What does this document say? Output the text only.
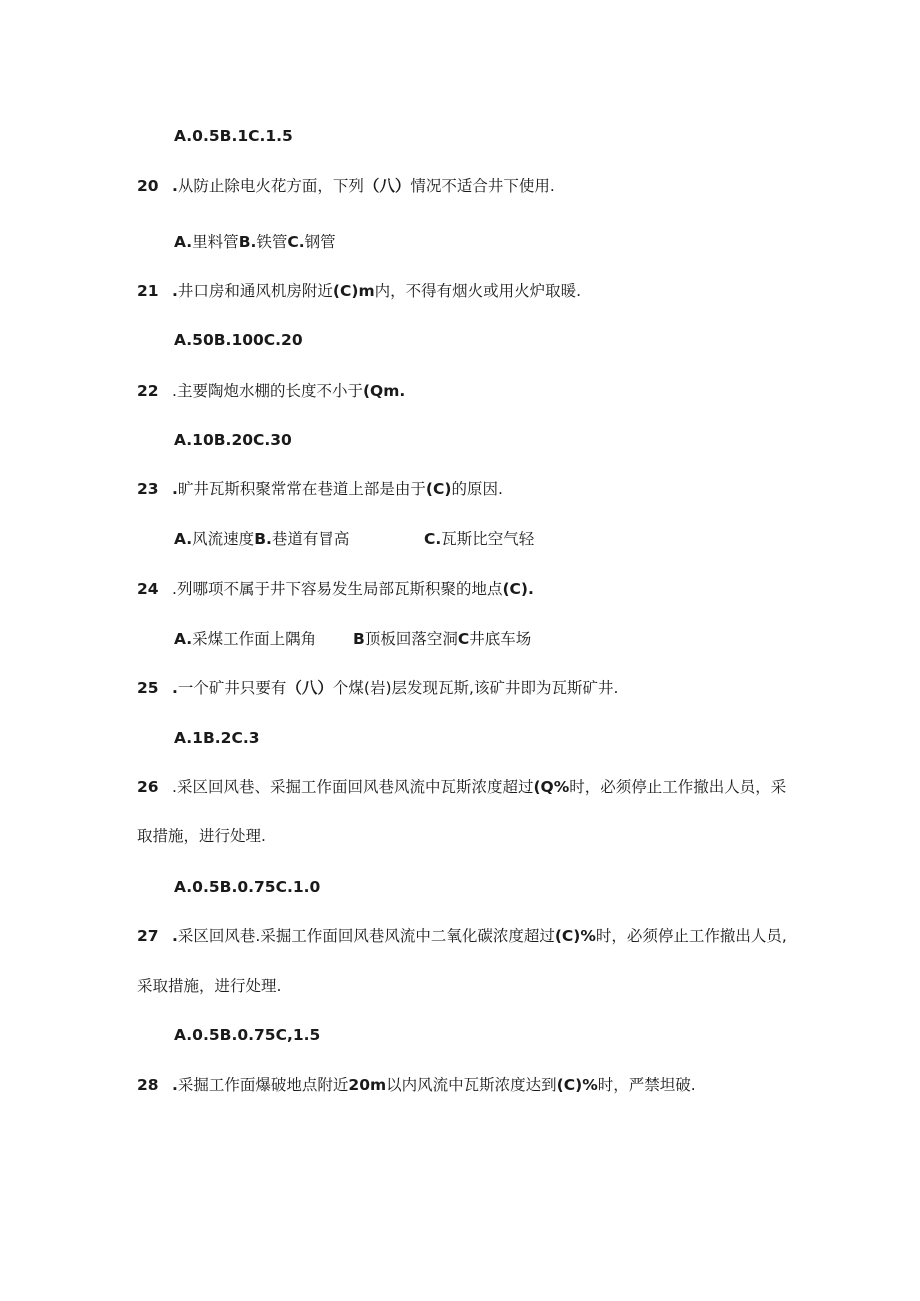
A.0.5B.1C.1.5
20 .从防止除电火花方面，下列（八）情况不适合井下使用.
A.里料管B.铁管C.钢管
21 .井口房和通风机房附近(C)m内，不得有烟火或用火炉取暖.
A.50B.100C.20
22 .主要陶炮水棚的长度不小于(Qm.
A.10B.20C.30
23 .旷井瓦斯积聚常常在巷道上部是由于(C)的原因.
A.风流速度B.巷道有冒高	C.瓦斯比空气轻
24 .列哪项不属于井下容易发生局部瓦斯积聚的地点(C).
A.采煤工作面上隅角 B顶板回落空洞C井底车场
25 .一个矿井只要有（八）个煤(岩)层发现瓦斯,该矿井即为瓦斯矿井.
A.1B.2C.3
26 .采区回风巷、采掘工作面回风巷风流中瓦斯浓度超过(Q%时，必须停止工作撤出人员，采
取措施，进行处理.
A.0.5B.0.75C.1.0
27 .采区回风巷.采掘工作面回风巷风流中二氧化碳浓度超过(C)%时，必须停止工作撤出人员,
采取措施，进行处理.
A.0.5B.0.75C,1.5
28 .采掘工作面爆破地点附近20m以内风流中瓦斯浓度达到(C)%时，严禁坦破.
